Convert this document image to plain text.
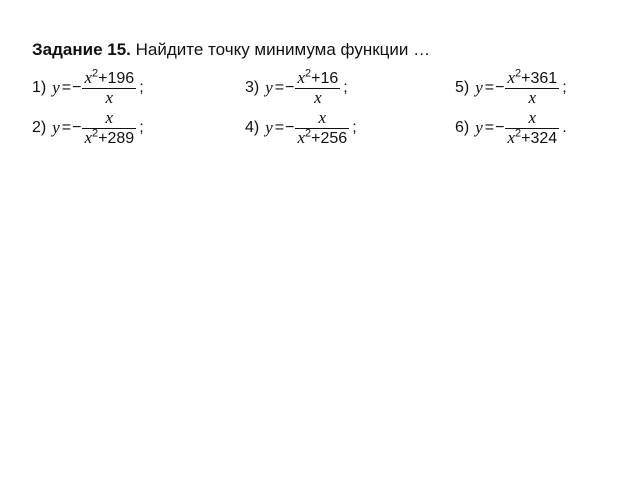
Задание 15. Найдите точку минимума функции …
1) y = − $\frac{x^2+196}{x}$ ;
2) y = − $\frac{x}{x^2+289}$ ;
3) y = − $\frac{x^2+16}{x}$ ;
4) y = − $\frac{x}{x^2+256}$ ;
5) y = − $\frac{x^2+361}{x}$ ;
6) y = − $\frac{x}{x^2+324}$ .
